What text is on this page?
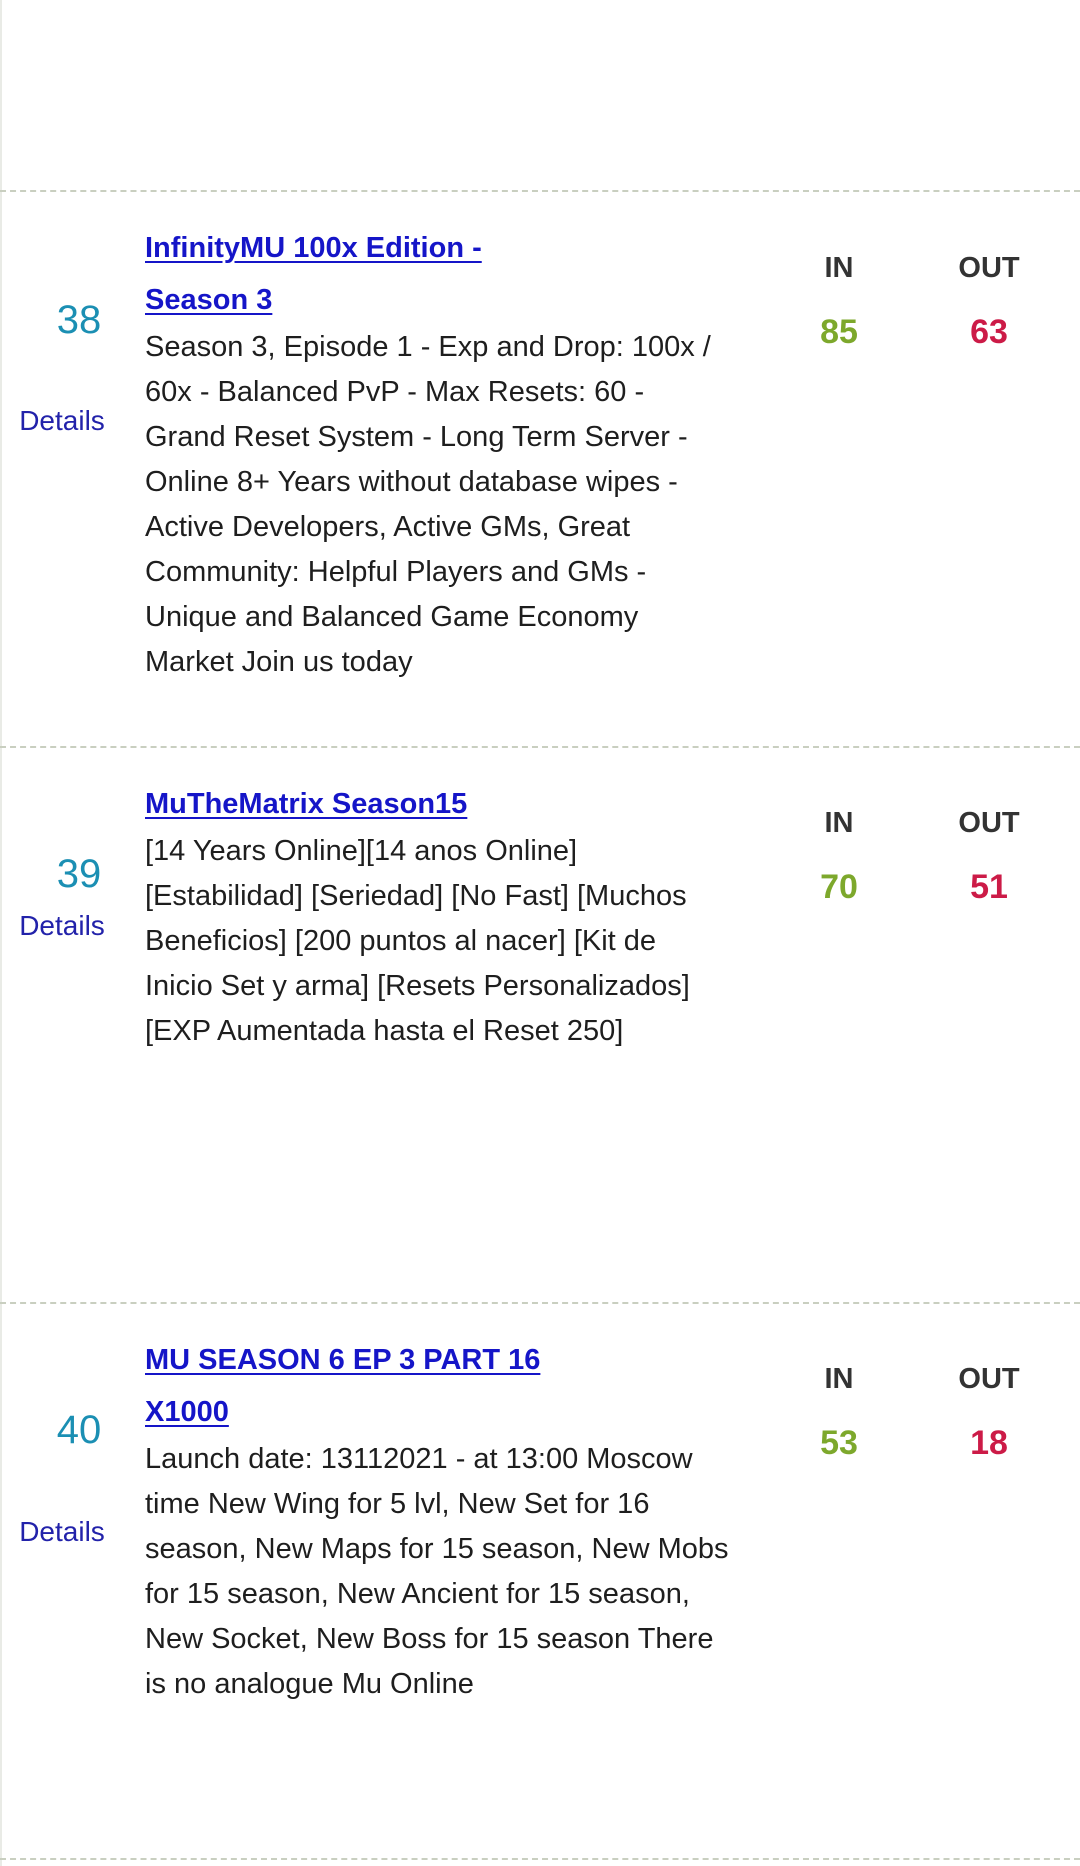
38
Details
InfinityMU 100x Edition -
Season 3

Season 3, Episode 1 - Exp and Drop: 100x / 60x - Balanced PvP - Max Resets: 60 - Grand Reset System - Long Term Server - Online 8+ Years without database wipes - Active Developers, Active GMs, Great Community: Helpful Players and GMs - Unique and Balanced Game Economy Market Join us today

IN	OUT
85	63
39
Details
MuTheMatrix Season15

[14 Years Online][14 anos Online] [Estabilidad] [Seriedad] [No Fast] [Muchos Beneficios] [200 puntos al nacer] [Kit de Inicio Set y arma] [Resets Personalizados] [EXP Aumentada hasta el Reset 250]

IN	OUT
70	51
40
Details
MU SEASON 6 EP 3 PART 16
X1000

Launch date: 13112021 - at 13:00 Moscow time New Wing for 5 lvl, New Set for 16 season, New Maps for 15 season, New Mobs for 15 season, New Ancient for 15 season, New Socket, New Boss for 15 season There is no analogue Mu Online

IN	OUT
53	18
